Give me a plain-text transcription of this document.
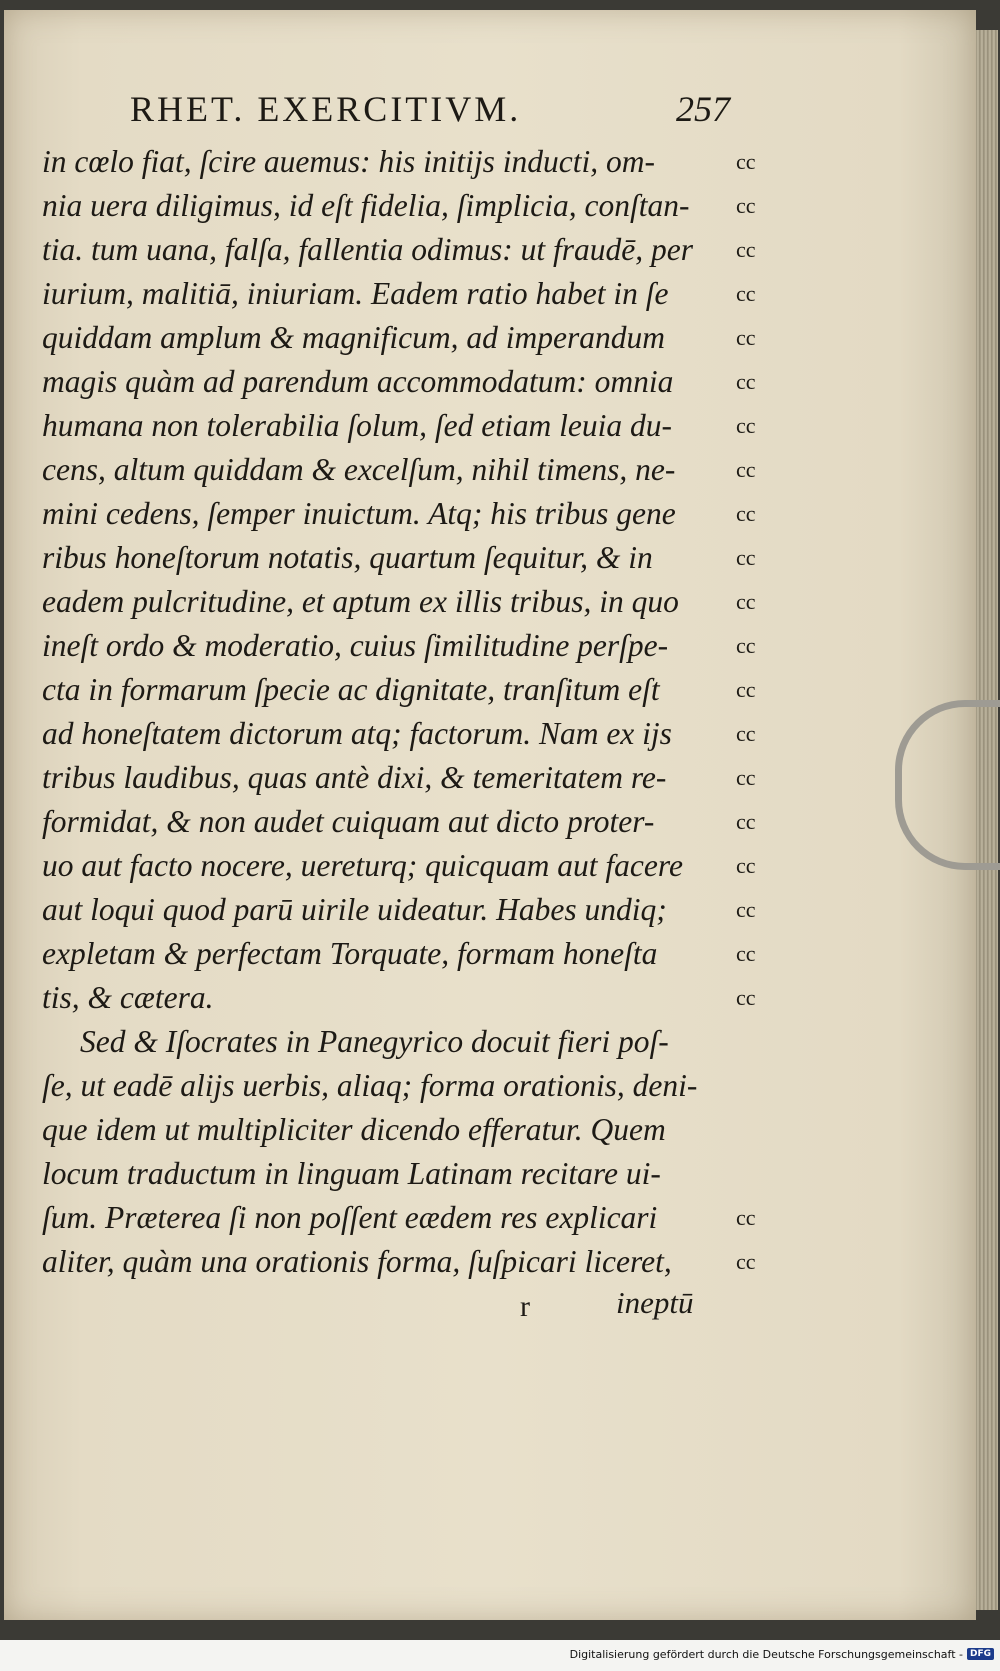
RHET. EXERCITIVM.	257
in cœlo fiat, ſcire auemus: his initijs inducti, om-
nia uera diligimus, id eſt fidelia, ſimplicia, conſtan-
tia. tum uana, falſa, fallentia odimus: ut fraudē, per
iurium, malitiā, iniuriam. Eadem ratio habet in ſe
quiddam amplum & magnificum, ad imperandum
magis quàm ad parendum accommodatum: omnia
humana non tolerabilia ſolum, ſed etiam leuia du-
cens, altum quiddam & excelſum, nihil timens, ne-
mini cedens, ſemper inuictum. Atq; his tribus gene
ribus honeſtorum notatis, quartum ſequitur, & in
eadem pulcritudine, et aptum ex illis tribus, in quo
ineſt ordo & moderatio, cuius ſimilitudine perſpe-
cta in formarum ſpecie ac dignitate, tranſitum eſt
ad honeſtatem dictorum atq; factorum. Nam ex ijs
tribus laudibus, quas antè dixi, & temeritatem re-
formidat, & non audet cuiquam aut dicto proter-
uo aut facto nocere, uereturq; quicquam aut facere
aut loqui quod parū uirile uideatur. Habes undiq;
expletam & perfectam Torquate, formam honeſta
tis, & cætera.
Sed & Iſocrates in Panegyrico docuit fieri poſ-
ſe, ut eadē alijs uerbis, aliaq; forma orationis, deni-
que idem ut multipliciter dicendo efferatur. Quem
locum traductum in linguam Latinam recitare ui-
ſum. Præterea ſi non poſſent eædem res explicari
aliter, quàm una orationis forma, ſuſpicari liceret,
cc
cc
cc
cc
cc
cc
cc
cc
cc
cc
cc
cc
cc
cc
cc
cc
cc
cc
cc
cc
cc
cc
r	ineptū
Digitalisierung gefördert durch die Deutsche Forschungsgemeinschaft - DFG
